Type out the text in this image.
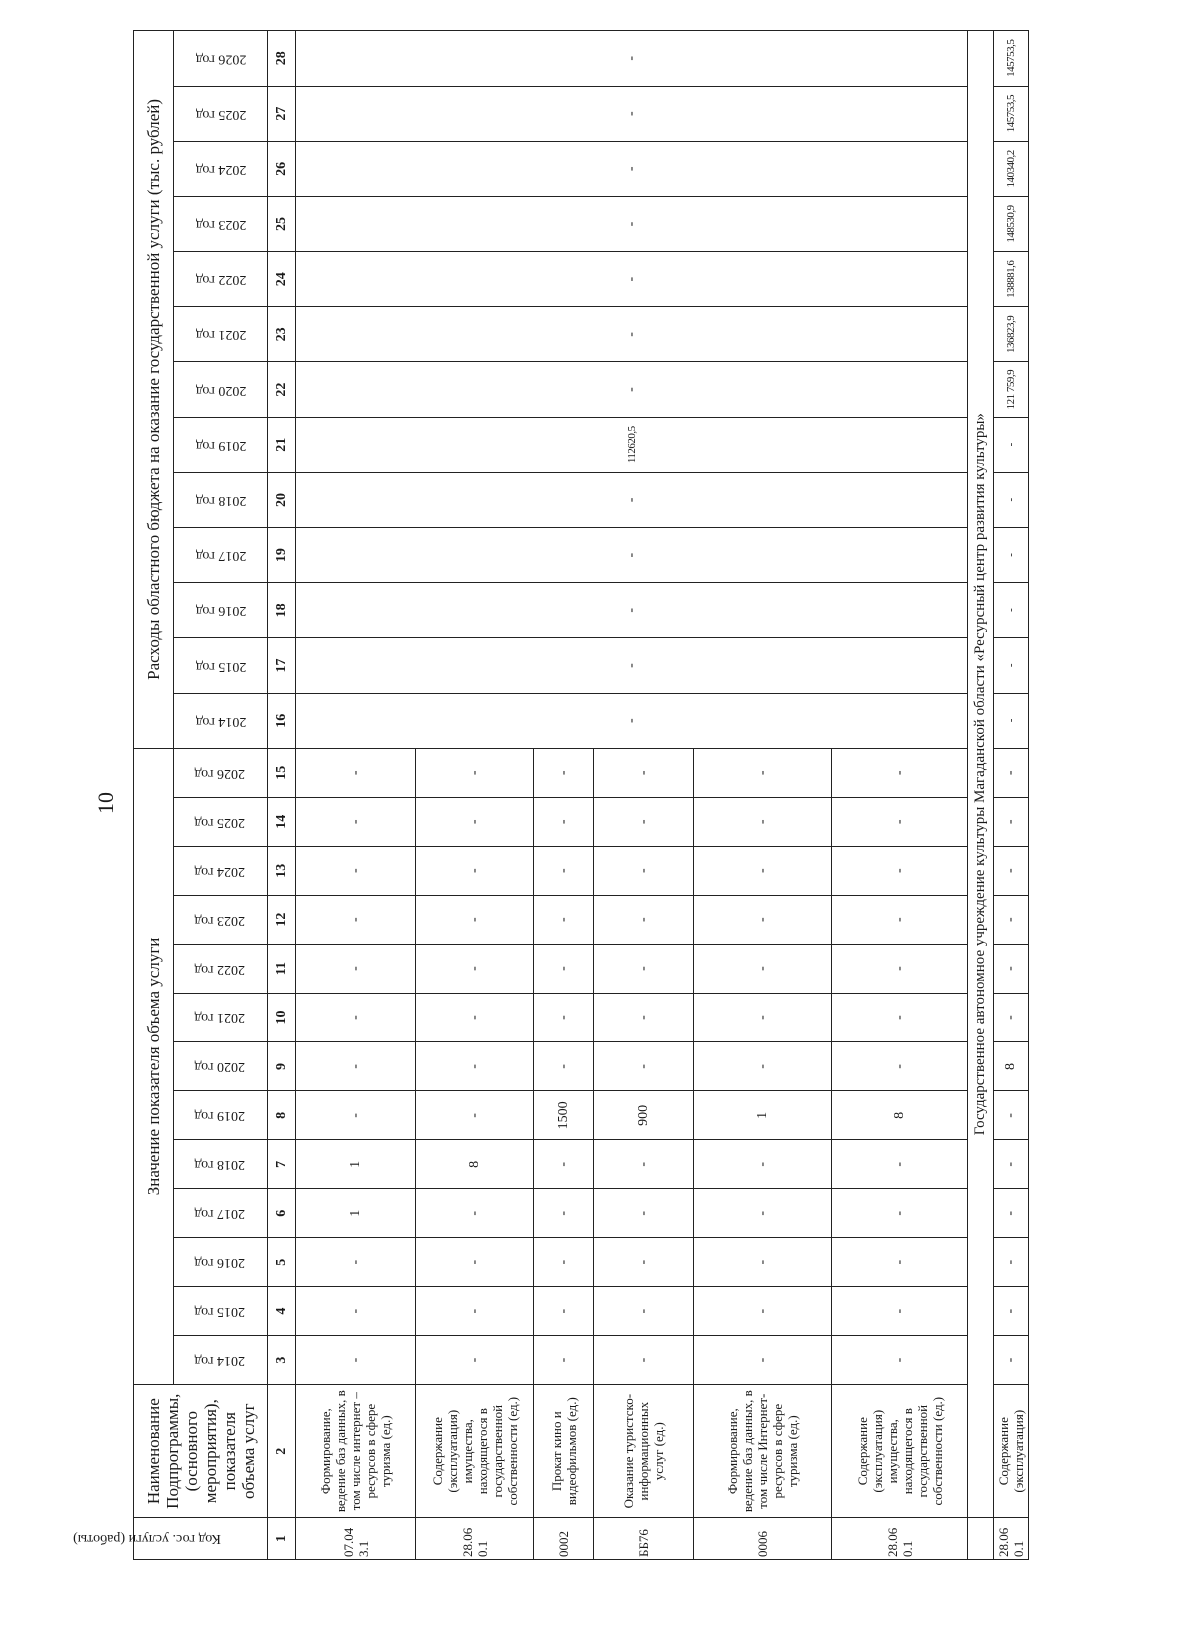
10
Код гос. услуги (работы)	Наименование Подпрограммы, (основного мероприятия), показателя объема услуг	Значение показателя объема услуги													Расходы областного бюджета на оказание государственной услуги (тыс. рублей)												

		2014 год	2015 год	2016 год	2017 год	2018 год	2019 год	2020 год	2021 год	2022 год	2023 год	2024 год	2025 год	2026 год	2014 год	2015 год	2016 год	2017 год	2018 год	2019 год	2020 год	2021 год	2022 год	2023 год	2024 год	2025 год	2026 год

1	2	3	4	5	6	7	8	9	10	11	12	13	14	15	16	17	18	19	20	21	22	23	24	25	26	27	28
07.04 3.1	Формирование, ведение баз данных, в том числе интернет – ресурсов в сфере туризма (ед.)	-	-	-	1	1	-	-	-	-	-	-	-	-	-	-	-	-	-	112620,5	-	-	-	-	-	-	-
28.06 0.1	Содержание (эксплуатация) имущества, находящегося в государственной собственности (ед.)	-	-	-	-	8	-	-	-	-	-	-	-	-													
0002	Прокат кино и видеофильмов (ед.)	-	-	-	-	-	1500	-	-	-	-	-	-	-													
ББ76	Оказание туристско-информационных услуг (ед.)	-	-	-	-	-	900	-	-	-	-	-	-	-													
0006	Формирование, ведение баз данных, в том числе Интернет-ресурсов в сфере туризма (ед.)	-	-	-	-	-	1	-	-	-	-	-	-	-													
28.06 0.1	Содержание (эксплуатация) имущества, находящегося в государственной собственности (ед.)	-	-	-	-	-	8	-	-	-	-	-	-	-													
	Государственное автономное учреждение культуры Магаданской области «Ресурсный центр развития культуры»																										
28.06 0.1	Содержание (эксплуатация)	-	-	-	-	-	-	8	-	-	-	-	-	-	-	-	-	-	-	-	121 759,9	136823,9	138881,6	148530,9	140340,2	145753,5	145753,5
